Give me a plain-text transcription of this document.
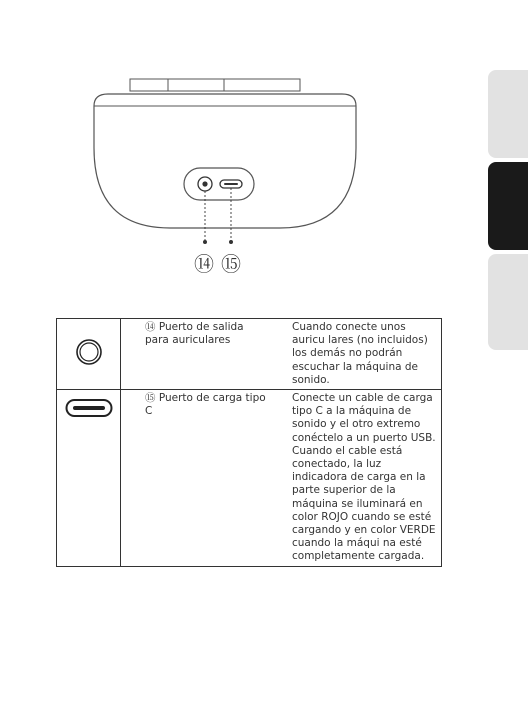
⑭ ⑮
	⑭ Puerto de salida para auriculares	Cuando conecte unos auricu lares (no incluidos) los demás no podrán escuchar la máquina de sonido.
	⑮ Puerto de carga tipo C	Conecte un cable de carga tipo C a la máquina de sonido y el otro extremo conéctelo a un puerto USB. Cuando el cable está conectado, la luz indicadora de carga en la parte superior de la máquina se iluminará en color ROJO cuando se esté cargando y en color VERDE cuando la máqui na esté completamente cargada.
